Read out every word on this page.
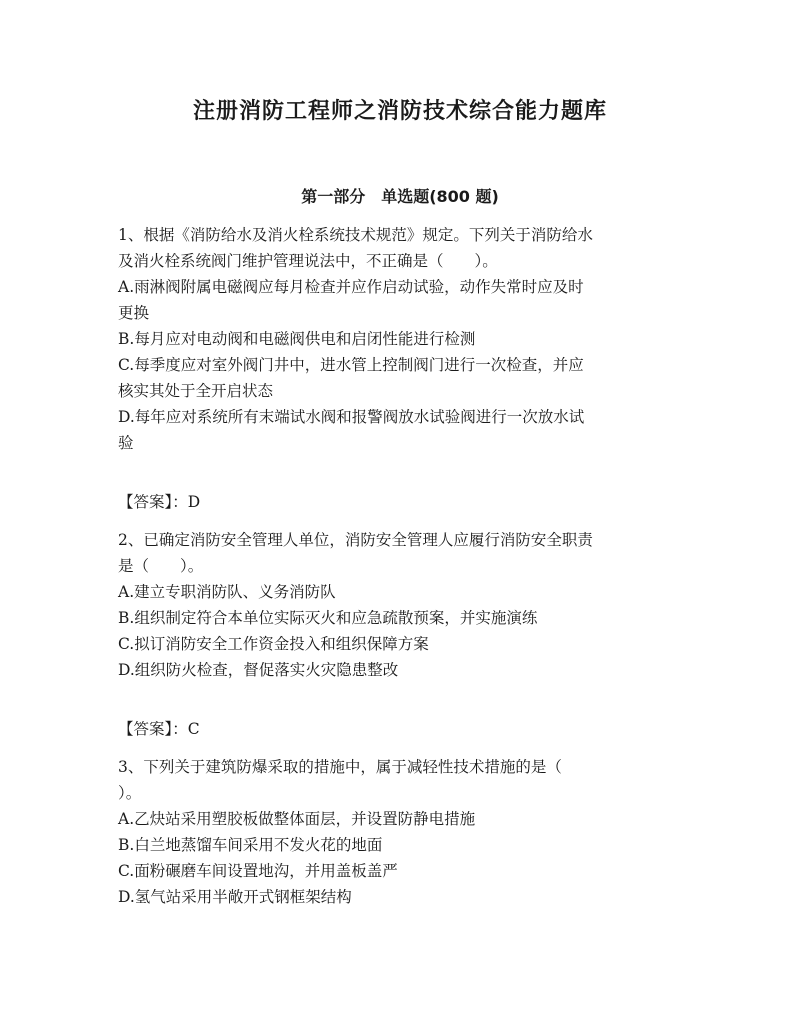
注册消防工程师之消防技术综合能力题库
第一部分　单选题(800 题)
1、根据《消防给水及消火栓系统技术规范》规定。下列关于消防给水
及消火栓系统阀门维护管理说法中，不正确是（　　）。
A.雨淋阀附属电磁阀应每月检查并应作启动试验，动作失常时应及时
更换
B.每月应对电动阀和电磁阀供电和启闭性能进行检测
C.每季度应对室外阀门井中，进水管上控制阀门进行一次检查，并应
核实其处于全开启状态
D.每年应对系统所有末端试水阀和报警阀放水试验阀进行一次放水试
验
【答案】：D
2、已确定消防安全管理人单位，消防安全管理人应履行消防安全职责
是（　　）。
A.建立专职消防队、义务消防队
B.组织制定符合本单位实际灭火和应急疏散预案，并实施演练
C.拟订消防安全工作资金投入和组织保障方案
D.组织防火检查，督促落实火灾隐患整改
【答案】：C
3、下列关于建筑防爆采取的措施中，属于减轻性技术措施的是（
）。
A.乙炔站采用塑胶板做整体面层，并设置防静电措施
B.白兰地蒸馏车间采用不发火花的地面
C.面粉碾磨车间设置地沟，并用盖板盖严
D.氢气站采用半敞开式钢框架结构
